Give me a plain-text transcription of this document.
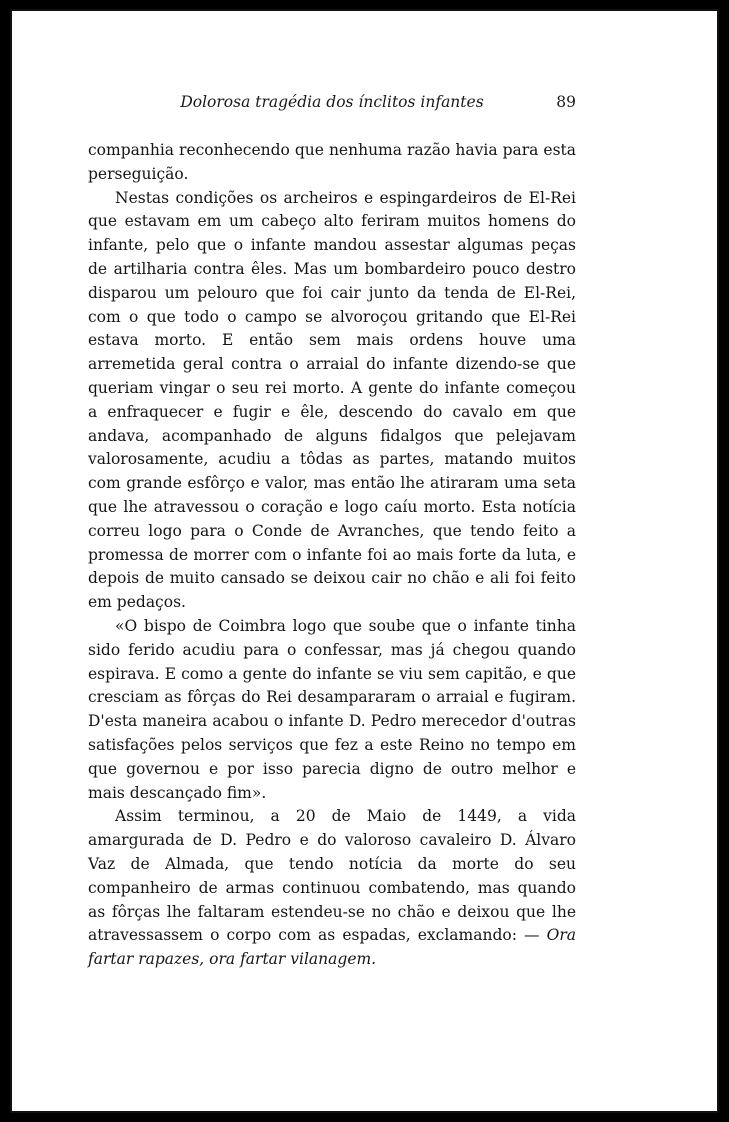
Dolorosa tragédia dos ínclitos infantes	89

companhia reconhecendo que nenhuma razão havia para esta perseguição.

Nestas condições os archeiros e espingardeiros de El-Rei que estavam em um cabeço alto feriram muitos homens do infante, pelo que o infante mandou assestar algumas peças de artilharia contra êles. Mas um bombardeiro pouco destro disparou um pelouro que foi cair junto da tenda de El-Rei, com o que todo o campo se alvoroçou gritando que El-Rei estava morto. E então sem mais ordens houve uma arremetida geral contra o arraial do infante dizendo-se que queriam vingar o seu rei morto. A gente do infante começou a enfraquecer e fugir e êle, descendo do cavalo em que andava, acompanhado de alguns fidalgos que pelejavam valorosamente, acudiu a tôdas as partes, matando muitos com grande esfôrço e valor, mas então lhe atiraram uma seta que lhe atravessou o coração e logo caíu morto. Esta notícia correu logo para o Conde de Avranches, que tendo feito a promessa de morrer com o infante foi ao mais forte da luta, e depois de muito cansado se deixou cair no chão e ali foi feito em pedaços.

«O bispo de Coimbra logo que soube que o infante tinha sido ferido acudiu para o confessar, mas já chegou quando espirava. E como a gente do infante se viu sem capitão, e que cresciam as fôrças do Rei desampararam o arraial e fugiram. D'esta maneira acabou o infante D. Pedro merecedor d'outras satisfações pelos serviços que fez a este Reino no tempo em que governou e por isso parecia digno de outro melhor e mais descançado fim».

Assim terminou, a 20 de Maio de 1449, a vida amargurada de D. Pedro e do valoroso cavaleiro D. Álvaro Vaz de Almada, que tendo notícia da morte do seu companheiro de armas continuou combatendo, mas quando as fôrças lhe faltaram estendeu-se no chão e deixou que lhe atravessassem o corpo com as espadas, exclamando: — Ora fartar rapazes, ora fartar vilanagem.
